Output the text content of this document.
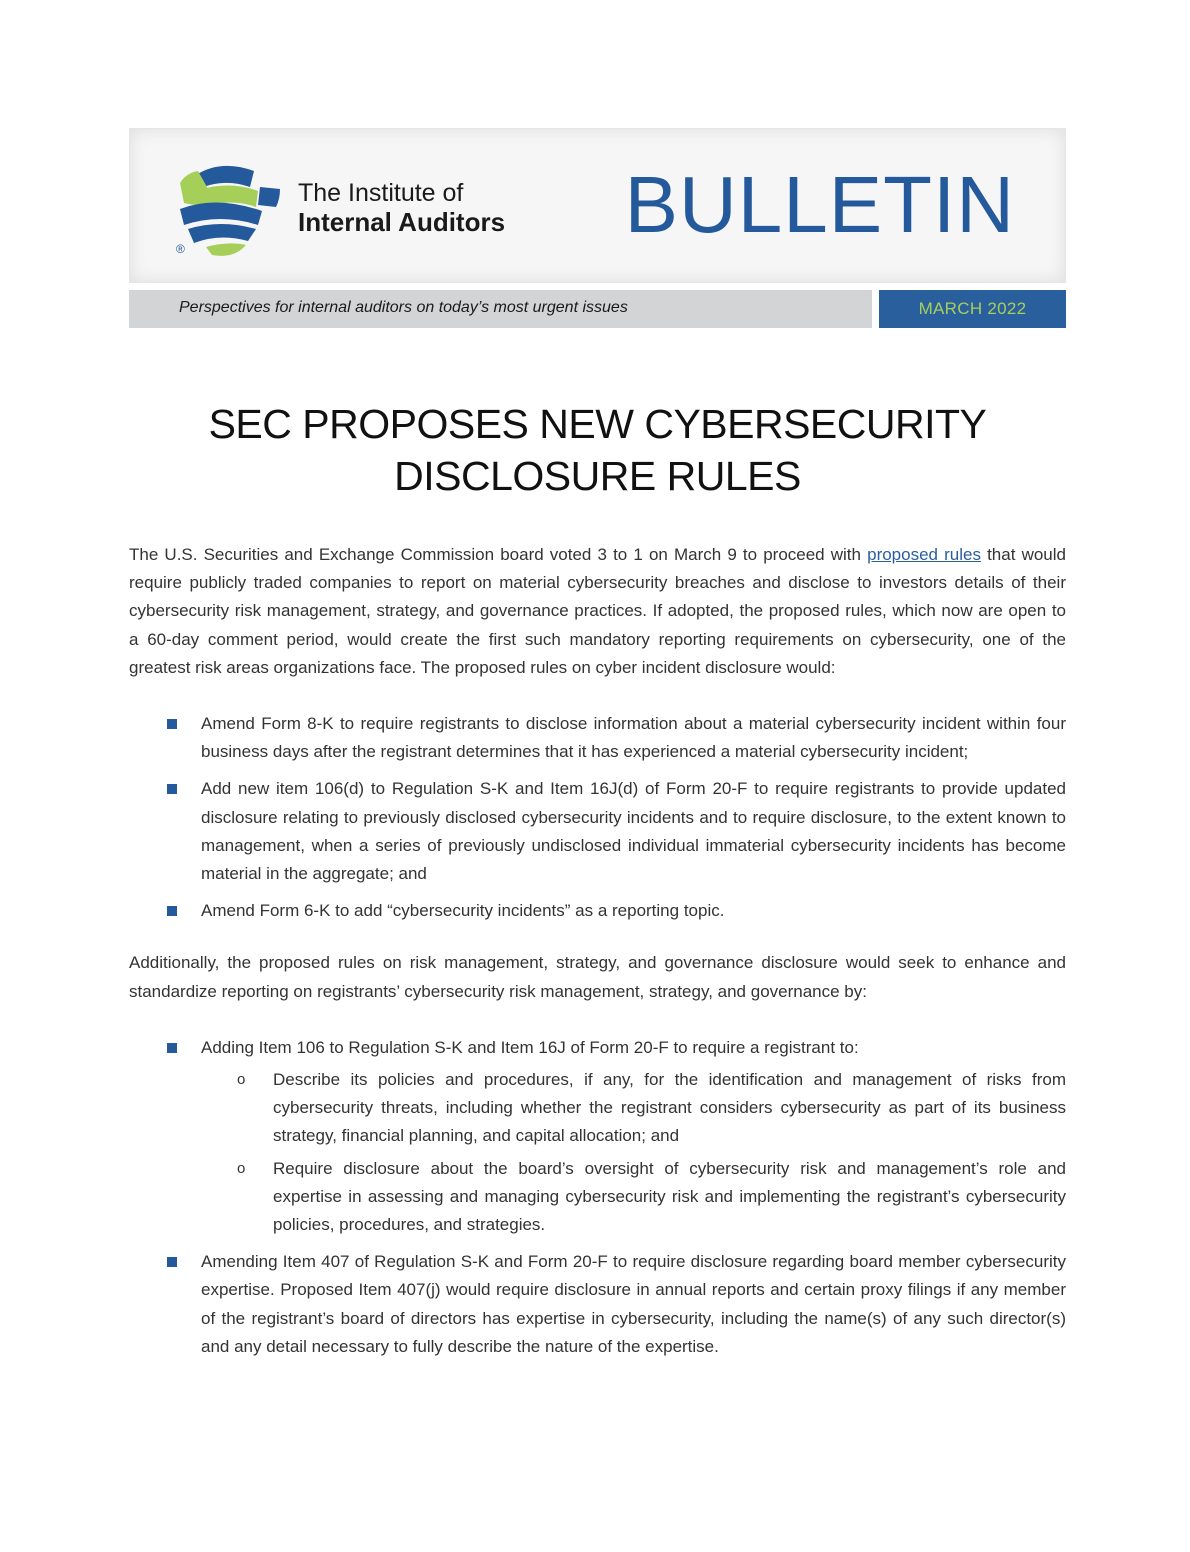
®
The Institute of
Internal Auditors BULLETIN
Perspectives for internal auditors on today’s most urgent issues	MARCH 2022
SEC PROPOSES NEW CYBERSECURITY
DISCLOSURE RULES

The U.S. Securities and Exchange Commission board voted 3 to 1 on March 9 to proceed with proposed rules that would require publicly traded companies to report on material cybersecurity breaches and disclose to investors details of their cybersecurity risk management, strategy, and governance practices. If adopted, the proposed rules, which now are open to a 60-day comment period, would create the first such mandatory reporting requirements on cybersecurity, one of the greatest risk areas organizations face. The proposed rules on cyber incident disclosure would:

Amend Form 8-K to require registrants to disclose information about a material cybersecurity incident within four business days after the registrant determines that it has experienced a material cybersecurity incident;
Add new item 106(d) to Regulation S-K and Item 16J(d) of Form 20-F to require registrants to provide updated disclosure relating to previously disclosed cybersecurity incidents and to require disclosure, to the extent known to management, when a series of previously undisclosed individual immaterial cybersecurity incidents has become material in the aggregate; and
Amend Form 6-K to add “cybersecurity incidents” as a reporting topic.

Additionally, the proposed rules on risk management, strategy, and governance disclosure would seek to enhance and standardize reporting on registrants’ cybersecurity risk management, strategy, and governance by:

Adding Item 106 to Regulation S-K and Item 16J of Form 20-F to require a registrant to:
o Describe its policies and procedures, if any, for the identification and management of risks from cybersecurity threats, including whether the registrant considers cybersecurity as part of its business strategy, financial planning, and capital allocation; and
o Require disclosure about the board’s oversight of cybersecurity risk and management’s role and expertise in assessing and managing cybersecurity risk and implementing the registrant’s cybersecurity policies, procedures, and strategies.
Amending Item 407 of Regulation S-K and Form 20-F to require disclosure regarding board member cybersecurity expertise. Proposed Item 407(j) would require disclosure in annual reports and certain proxy filings if any member of the registrant’s board of directors has expertise in cybersecurity, including the name(s) of any such director(s) and any detail necessary to fully describe the nature of the expertise.
